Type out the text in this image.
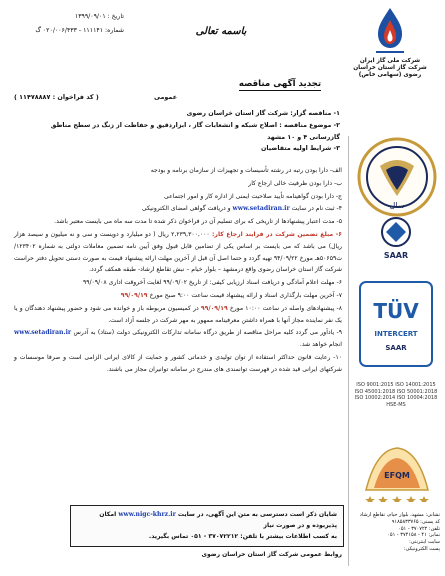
تاریخ : ۱۳۹۹/۰۹/۰۱
شماره: ۱۱۱۱۴۱ - ۰۲۰/۰۰۶/۴۳۳ گ	باسمه تعالی
شرکت ملی گاز ایران شرکت گاز استان خراسان رضوی (سهامی خاص)
تجدید آگهی مناقصه
( کد فراخوان : ۱۱۴۷۸۸۸۷ )	عمومی
۱- مناقصه گزار: شرکت گاز استان خراسان رضوی
۲- موضوع مناقصه : اصلاح شبکه و انشعابات گاز ، ابزاردقیق و حفاظت از زنگ در سطح مناطق
گازرسانی ۴ و ۱۰ مشهد
۳- شرایط اولیه متقاضیان

الف- دارا بودن رتبه در رشته تأسیسات و تجهیزات از سازمان برنامه و بودجه

ب- دارا بودن ظرفیت خالی ارجاع کار

ج- دارا بودن گواهینامه تأیید صلاحیت ایمنی از اداره کار و امور اجتماعی

۴- ثبت نام در سایت www.setadiran.ir و دریافت گواهی امضای الکترونیکی

۵- مدت اعتبار پیشنهادها از تاریخی که برای تسلیم آن در فراخوان ذکر شده تا مدت سه ماه می بایست معتبر باشد.

۶- مبلغ تضمین شرکت در فرایند ارجاع کار: ۲,۲۳۹,۳۰۰,۰۰۰ ریال ( دو میلیارد و دویست و سی و نه میلیون و سیصد هزار ریال) می باشد که می بایست بر اساس یکی از تضامین قابل قبول وفق آیین نامه تضمین معاملات دولتی به شماره ۱۲۳۴۰۲/ت۵۰۶۵۹هـ مورخ ۹۴/۰۹/۲۲ تهیه گردد و حتما اصل آن قبل از آخرین مهلت ارائه پیشنهاد قیمت به صورت دستی تحویل دفتر حراست شرکت گاز استان خراسان رضوی واقع درمشهد – بلوار خیام – نبش تقاطع ارشاد- طبقه همکف گردد.

۶- مهلت اعلام آمادگی و دریافت اسناد ارزیابی کیفی: از تاریخ ۹۹/۰۹/۰۲ لغایت آخروقت اداری ۹۹/۰۹/۰۸

۷- آخرین مهلت بارگذاری اسناد و ارائه پیشنهاد قیمت ساعت ۹:۰۰ صبح مورخ ۹۹/۰۹/۱۹

۸- پیشنهادهای واصله در ساعت ۱۰:۰۰ مورخ ۹۹/۰۹/۱۹ در کمیسیون مربوطه باز و خوانده می شود و حضور پیشنهاد دهندگان و یا یک نفر نماینده مجاز آنها با همراه داشتن معرفینامه ممهور به مهر شرکت در جلسه آزاد است.

۹- یادآور می گردد کلیه مراحل مناقصه از طریق درگاه سامانه تدارکات الکترونیکی دولت (ستاد) به آدرس www.setadiran.ir انجام خواهد شد.

۱۰- رعایت قانون حداکثر استفاده از توان تولیدی و خدماتی کشور و حمایت از کالای ایرانی الزامی است و صرفا موسسات و شرکتهای ایرانی قید شده در فهرست توانمندی های مندرج در سامانه توانیران مجاز می باشند.

شایان ذکر است دسترسی به متن این آگهی، در سایت www.nigc-khrz.ir امکان پذیربوده و در صورت نیاز
به کسب اطلاعات بیشتر با تلفن: ۳۷۰۷۲۲۱۲ - ۰۵۱ تماس بگیرید.
روابط عمومی شرکت گاز استان خراسان رضوی
سال
SAAR
TÜV
INTERCERT
SAAR
ISO 9001:2015 ISO 14001:2015 ISO 45001:2018 ISO 50001:2018 ISO 10002:2014 ISO 10004:2018 HSE-MS
EFQM
نشانی: مشهد، بلوار خیام، تقاطع ارشاد
کد پستی: ۹۱۸۵۸۳۳۷۶۵
تلفن: ۳۷۰۷۲۲ - ۰۵۱
نمابر: ۴۱ - ۳۷۴۱۵۸ - ۰۵۱
سایت اینترنتی:
پست الکترونیکی:
